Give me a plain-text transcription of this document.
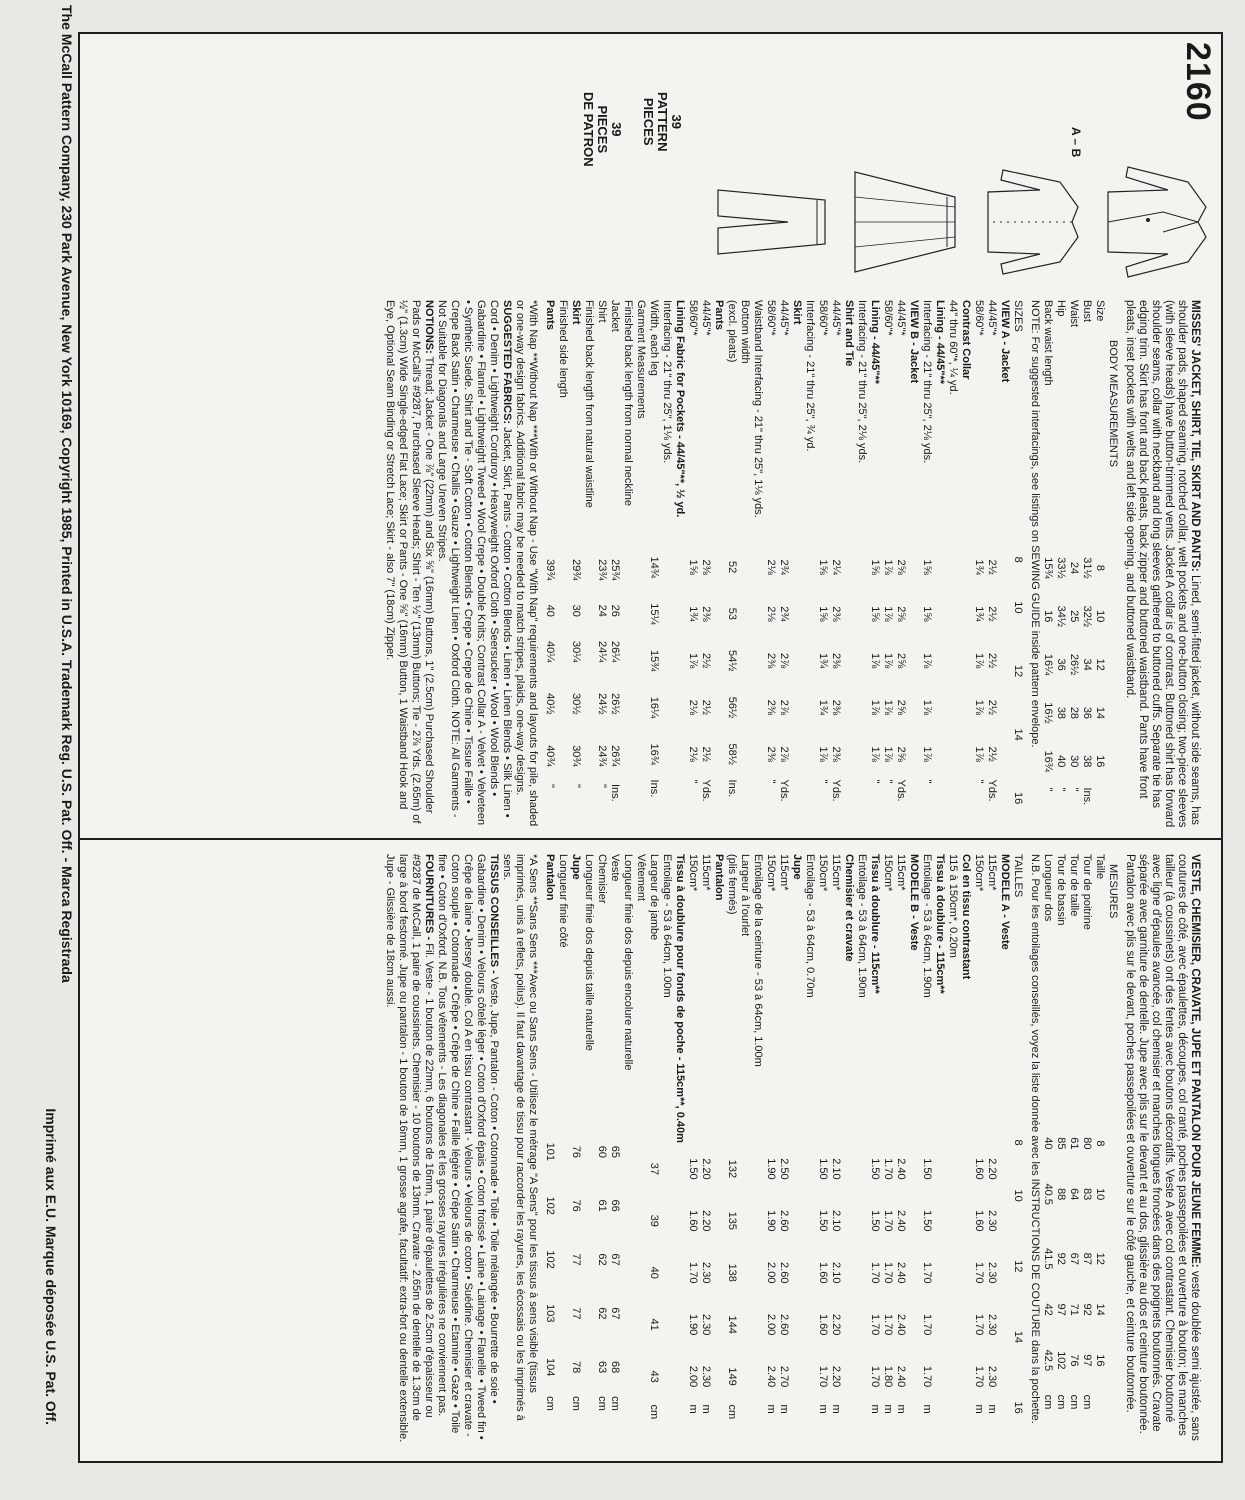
2160
A – B
39
PATTERN
PIECES
39
PIECES
DE PATRON
MISSES' JACKET, SHIRT, TIE, SKIRT AND PANTS: Lined, semi-fitted jacket, without side seams, has shoulder pads, shaped seaming, notched collar, welt pockets and one-button closing; two-piece sleeves (with sleeve heads) have button-trimmed vents. Jacket A collar is of contrast. Buttoned shirt has forward shoulder seams, collar with neckband and long sleeves gathered to buttoned cuffs. Separate tie has edging trim. Skirt has front and back pleats, back zipper and buttoned waistband. Pants have front pleats, inset pockets with welts and left side opening, and buttoned waistband.
BODY MEASUREMENTS
Size	8	10	12	14	16	
Bust	31½	32½	34	36	38	Ins.
Waist	24	25	26½	28	30	"
Hip	33½	34½	36	38	40	"
Back waist length	15¾	16	16¼	16½	16¾	"
NOTE: For suggested interfacings, see listings on SEWING GUIDE inside pattern envelope.
SIZES	8	10	12	14	16	
VIEW A - Jacket						
44/45"*	2½	2½	2½	2½	2½	Yds.
58/60"*	1¾	1¾	1⅞	1⅞	1⅞	"
Contrast Collar						
44" thru 60"*, ¼ yd.						
Lining - 44/45"**						
Interfacing - 21" thru 25", 2⅛ yds.	1⅝	1⅝	1⅞	1⅞	1⅞	"
VIEW B - Jacket						
44/45"*	2⅝	2⅝	2⅝	2⅝	2⅝	Yds.
58/60"*	1⅞	1⅞	1⅞	1⅞	1⅞	"
Lining - 44/45"**	1⅝	1⅝	1⅞	1⅞	1⅞	"
Interfacing - 21" thru 25", 2⅛ yds.						
Shirt and Tie						
44/45"*	2¼	2⅜	2⅜	2⅜	2⅜	Yds.
58/60"*	1⅝	1⅝	1¾	1¾	1⅞	"
Interfacing - 21" thru 25", ¾ yd.						
Skirt						
44/45"*	2¾	2¾	2⅞	2⅞	2⅞	Yds.
58/60"*	2⅛	2⅛	2⅜	2⅜	2⅜	"
Waistband Interfacing - 21" thru 25", 1⅛ yds.						
Bottom width						
(excl. pleats)	52	53	54½	56½	58½	Ins.
Pants						
44/45"*	2⅜	2⅜	2½	2½	2½	Yds.
58/60"*	1⅝	1¾	1⅞	2⅛	2⅛	"
Lining Fabric for Pockets - 44/45"**, ½ yd.						
Interfacing - 21" thru 25", 1⅛ yds.						
Width, each leg	14¾	15¼	15¾	16¼	16¾	Ins.
Garment Measurements
Finished back length from normal neckline
Jacket	25¾	26	26¼	26½	26¾	Ins.
Shirt	23¾	24	24¼	24½	24¾	"
Finished back length from natural waistline						
Skirt	29¾	30	30¼	30½	30¾	"
Finished side length						
Pants	39¾	40	40¼	40½	40¾	"
*With Nap **Without Nap ***With or Without Nap - Use "With Nap" requirements and layouts for pile, shaded or one-way design fabrics. Additional fabric may be needed to match stripes, plaids, one-way designs.
SUGGESTED FABRICS: Jacket, Skirt, Pants - Cotton • Cotton Blends • Linen • Linen Blends • Silk Linen • Cord • Denim • Lightweight Corduroy • Heavyweight Oxford Cloth • Seersucker • Wool • Wool Blends • Gabardine • Flannel • Lightweight Tweed • Wool Crepe • Double Knits; Contrast Collar A - Velvet • Velveteen • Synthetic Suede. Shirt and Tie - Soft Cotton • Cotton Blends • Crepe • Crepe de Chine • Tissue Faille • Crepe Back Satin • Charmeuse • Challis • Gauze • Lightweight Linen • Oxford Cloth. NOTE: All Garments - Not Suitable for Diagonals and Large Uneven Stripes.
NOTIONS: Thread; Jacket - One ⅞" (22mm) and Six ⅝" (16mm) Buttons, 1" (2.5cm) Purchased Shoulder Pads or McCall's #9287, Purchased Sleeve Heads; Shirt - Ten ½" (13mm) Buttons; Tie - 2⅞ Yds. (2.65m) of ½" (1.3cm) Wide Single-edged Flat Lace; Skirt or Pants - One ⅝" (16mm) Button, 1 Waistband Hook and Eye, Optional Seam Binding or Stretch Lace; Skirt - also 7" (18cm) Zipper.
VESTE, CHEMISIER, CRAVATE, JUPE ET PANTALON POUR JEUNE FEMME: veste doublée semi ajustée, sans coutures de côté, avec épaulettes, découpes, col cranté, poches passepoilées et ouverture à bouton; les manches tailleur (à coussinets) ont des fentes avec boutons décoratifs. Veste A avec col contrastant. Chemisier boutonné avec ligne d'épaules avancée, col chemisier et manches longues froncées dans des poignets boutonnés. Cravate séparée avec garniture de dentelle. Jupe avec plis sur le devant et au dos, glissière au dos et ceinture boutonnée. Pantalon avec plis sur le devant, poches passepoilées et ouverture sur le côté gauche, et ceinture boutonnée.
MESURES
Taille	8	10	12	14	16	
Tour de poitrine	80	83	87	92	97	cm
Tour de taille	61	64	67	71	76	cm
Tour de bassin	85	88	92	97	102	cm
Longueur dos	40	40.5	41.5	42	42.5	cm
N.B. Pour les entoilages conseillés, voyez la liste donnée avec les INSTRUCTIONS DE COUTURE dans la pochette.
TAILLES	8	10	12	14	16	
MODELE A - Veste						
115cm*	2.20	2.30	2.30	2.30	2.30	m
150cm*	1.60	1.60	1.70	1.70	1.70	m
Col en tissu contrastant						
115 à 150cm*, 0.20m						
Tissu à doublure - 115cm**						
Entoilage - 53 à 64cm, 1.90m	1.50	1.50	1.70	1.70	1.70	m
MODELE B - Veste						
115cm*	2.40	2.40	2.40	2.40	2.40	m
150cm*	1.70	1.70	1.70	1.70	1.80	m
Tissu à doublure - 115cm**	1.50	1.50	1.70	1.70	1.70	m
Entoilage - 53 à 64cm, 1.90m						
Chemisier et cravate						
115cm*	2.10	2.10	2.10	2.20	2.20	m
150cm*	1.50	1.50	1.60	1.60	1.70	m
Entoilage - 53 à 64cm, 0.70m						
Jupe						
115cm*	2.50	2.60	2.60	2.60	2.70	m
150cm*	1.90	1.90	2.00	2.00	2.40	m
Entoilage de la ceinture - 53 à 64cm, 1.00m						
Largeur à l'ourlet						
(plis fermés)	132	135	138	144	149	cm
Pantalon						
115cm*	2.20	2.20	2.30	2.30	2.30	m
150cm*	1.50	1.60	1.70	1.90	2.00	m
Tissu à doublure pour fonds de poche - 115cm**, 0.40m						
Entoilage - 53 à 64cm, 1.00m						
Largeur de jambe	37	39	40	41	43	cm
Vêtement
Longueur finie dos depuis encolure naturelle
Veste	65	66	67	67	68	cm
Chemisier	60	61	62	62	63	cm
Longueur finie dos depuis taille naturelle						
Jupe	76	76	77	77	78	cm
Longueur finie côté						
Pantalon	101	102	102	103	104	cm
*A Sens **Sans Sens ***Avec ou Sans Sens - Utilisez le métrage "A Sens" pour les tissus à sens visible (tissus imprimés, unis à reflets, poilus). Il faut davantage de tissu pour raccorder les rayures, les écossais ou les imprimés à sens.
TISSUS CONSEILLES - Veste, Jupe, Pantalon - Coton • Cotonnade • Toile • Toile mélangée • Bourrette de soie • Gabardine • Denim • Velours côtelé léger • Coton d'Oxford épais • Coton froissé • Laine • Lainage • Flanelle • Tweed fin • Crêpe de laine • Jersey double. Col A en tissu contrastant - Velours • Velours de coton • Suédine. Chemisier et cravate - Coton souple • Cotonnade • Crêpe • Crêpe de Chine • Faille légère • Crêpe Satin • Charmeuse • Etamine • Gaze • Toile fine • Coton d'Oxford. N.B. Tous vêtements - Les diagonales et les grosses rayures irrégulières ne conviennent pas.
FOURNITURES - Fil. Veste - 1 bouton de 22mm, 6 boutons de 16mm, 1 paire d'épaulettes de 2.5cm d'épaisseur ou #9287 de McCall, 1 paire de coussinets. Chemisier - 10 boutons de 13mm. Cravate - 2.65m de dentelle de 1.3cm de large à bord festonné. Jupe ou pantalon - 1 bouton de 16mm, 1 grosse agrafe, facultatif: extra-fort ou dentelle extensible. Jupe - Glissière de 18cm aussi.
The McCall Pattern Company, 230 Park Avenue, New York 10169, Copyright 1985, Printed in U.S.A. Trademark Reg. U.S. Pat. Off. - Marca Registrada
Imprimé aux E.U. Marque déposée U.S. Pat. Off.
